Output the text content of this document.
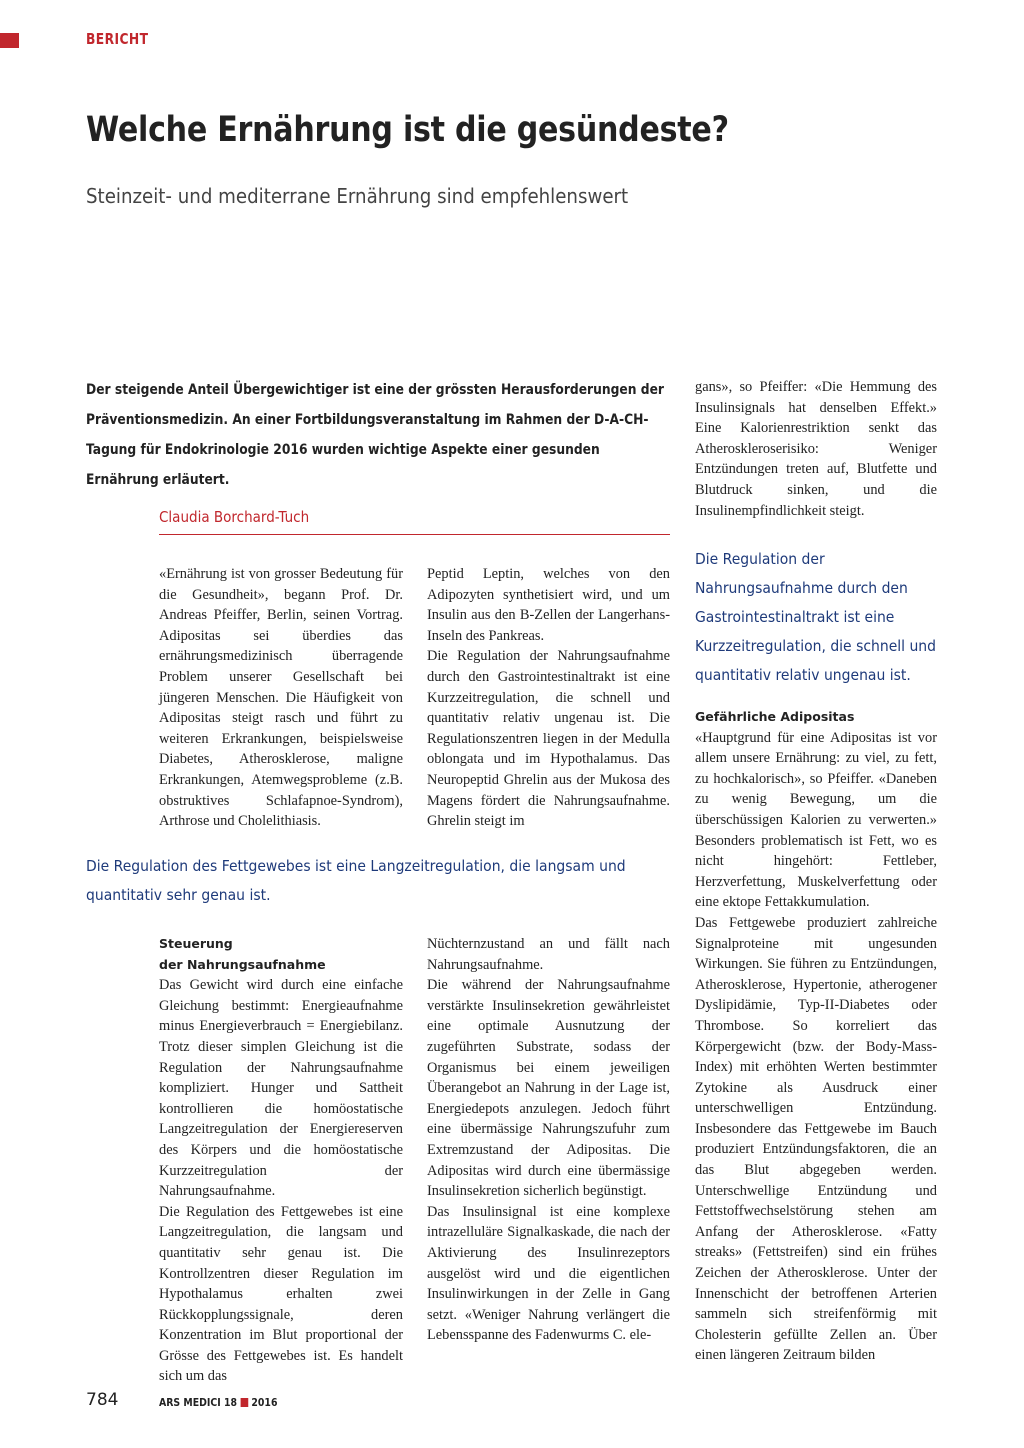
BERICHT
Welche Ernährung ist die gesündeste?
Steinzeit- und mediterrane Ernährung sind empfehlenswert
Der steigende Anteil Übergewichtiger ist eine der grössten Herausforderungen der Präventionsmedizin. An einer Fortbildungsveranstaltung im Rahmen der D-A-CH-Tagung für Endokrinologie 2016 wurden wichtige Aspekte einer gesunden Ernährung erläutert.
Claudia Borchard-Tuch

«Ernährung ist von grosser Bedeutung für die Gesundheit», begann Prof. Dr. Andreas Pfeiffer, Berlin, seinen Vortrag. Adipositas sei überdies das ernährungsmedizinisch überragende Problem unserer Gesellschaft bei jüngeren Menschen. Die Häufigkeit von Adipositas steigt rasch und führt zu weiteren Erkrankungen, beispielsweise Diabetes, Atherosklerose, maligne Erkrankungen, Atemwegsprobleme (z.B. obstruktives Schlafapnoe-Syndrom), Arthrose und Cholelithiasis.

Peptid Leptin, welches von den Adipozyten synthetisiert wird, und um Insulin aus den B-Zellen der Langerhans-Inseln des Pankreas.

Die Regulation der Nahrungsaufnahme durch den Gastrointestinaltrakt ist eine Kurzzeitregulation, die schnell und quantitativ relativ ungenau ist. Die Regulationszentren liegen in der Medulla oblongata und im Hypothalamus. Das Neuropeptid Ghrelin aus der Mukosa des Magens fördert die Nahrungsaufnahme. Ghrelin steigt im

Die Regulation des Fettgewebes ist eine Langzeitregulation, die langsam und quantitativ sehr genau ist.
Steuerung
der Nahrungsaufnahme

Das Gewicht wird durch eine einfache Gleichung bestimmt: Energieaufnahme minus Energieverbrauch = Energiebilanz. Trotz dieser simplen Gleichung ist die Regulation der Nahrungsaufnahme kompliziert. Hunger und Sattheit kontrollieren die homöostatische Langzeitregulation der Energiereserven des Körpers und die homöostatische Kurzzeitregulation der Nahrungsaufnahme.

Die Regulation des Fettgewebes ist eine Langzeitregulation, die langsam und quantitativ sehr genau ist. Die Kontrollzentren dieser Regulation im Hypothalamus erhalten zwei Rückkopplungssignale, deren Konzentration im Blut proportional der Grösse des Fettgewebes ist. Es handelt sich um das

Nüchternzustand an und fällt nach Nahrungsaufnahme.

Die während der Nahrungsaufnahme verstärkte Insulinsekretion gewährleistet eine optimale Ausnutzung der zugeführten Substrate, sodass der Organismus bei einem jeweiligen Überangebot an Nahrung in der Lage ist, Energiedepots anzulegen. Jedoch führt eine übermässige Nahrungszufuhr zum Extremzustand der Adipositas. Die Adipositas wird durch eine übermässige Insulinsekretion sicherlich begünstigt.

Das Insulinsignal ist eine komplexe intrazelluläre Signalkaskade, die nach der Aktivierung des Insulinrezeptors ausgelöst wird und die eigentlichen Insulinwirkungen in der Zelle in Gang setzt. «Weniger Nahrung verlängert die Lebensspanne des Fadenwurms C. ele-

gans», so Pfeiffer: «Die Hemmung des Insulinsignals hat denselben Effekt.» Eine Kalorienrestriktion senkt das Atheroskleroserisiko: Weniger Entzündungen treten auf, Blutfette und Blutdruck sinken, und die Insulinempfindlichkeit steigt.

Die Regulation der Nahrungsaufnahme durch den Gastrointestinaltrakt ist eine Kurzzeitregulation, die schnell und quantitativ relativ ungenau ist.
Gefährliche Adipositas

«Hauptgrund für eine Adipositas ist vor allem unsere Ernährung: zu viel, zu fett, zu hochkalorisch», so Pfeiffer. «Daneben zu wenig Bewegung, um die überschüssigen Kalorien zu verwerten.» Besonders problematisch ist Fett, wo es nicht hingehört: Fettleber, Herzverfettung, Muskelverfettung oder eine ektope Fettakkumulation.

Das Fettgewebe produziert zahlreiche Signalproteine mit ungesunden Wirkungen. Sie führen zu Entzündungen, Atherosklerose, Hypertonie, atherogener Dyslipidämie, Typ-II-Diabetes oder Thrombose. So korreliert das Körpergewicht (bzw. der Body-Mass-Index) mit erhöhten Werten bestimmter Zytokine als Ausdruck einer unterschwelligen Entzündung. Insbesondere das Fettgewebe im Bauch produziert Entzündungsfaktoren, die an das Blut abgegeben werden. Unterschwellige Entzündung und Fettstoffwechselstörung stehen am Anfang der Atherosklerose. «Fatty streaks» (Fettstreifen) sind ein frühes Zeichen der Atherosklerose. Unter der Innenschicht der betroffenen Arterien sammeln sich streifenförmig mit Cholesterin gefüllte Zellen an. Über einen längeren Zeitraum bilden

784	ARS MEDICI 18 2016
